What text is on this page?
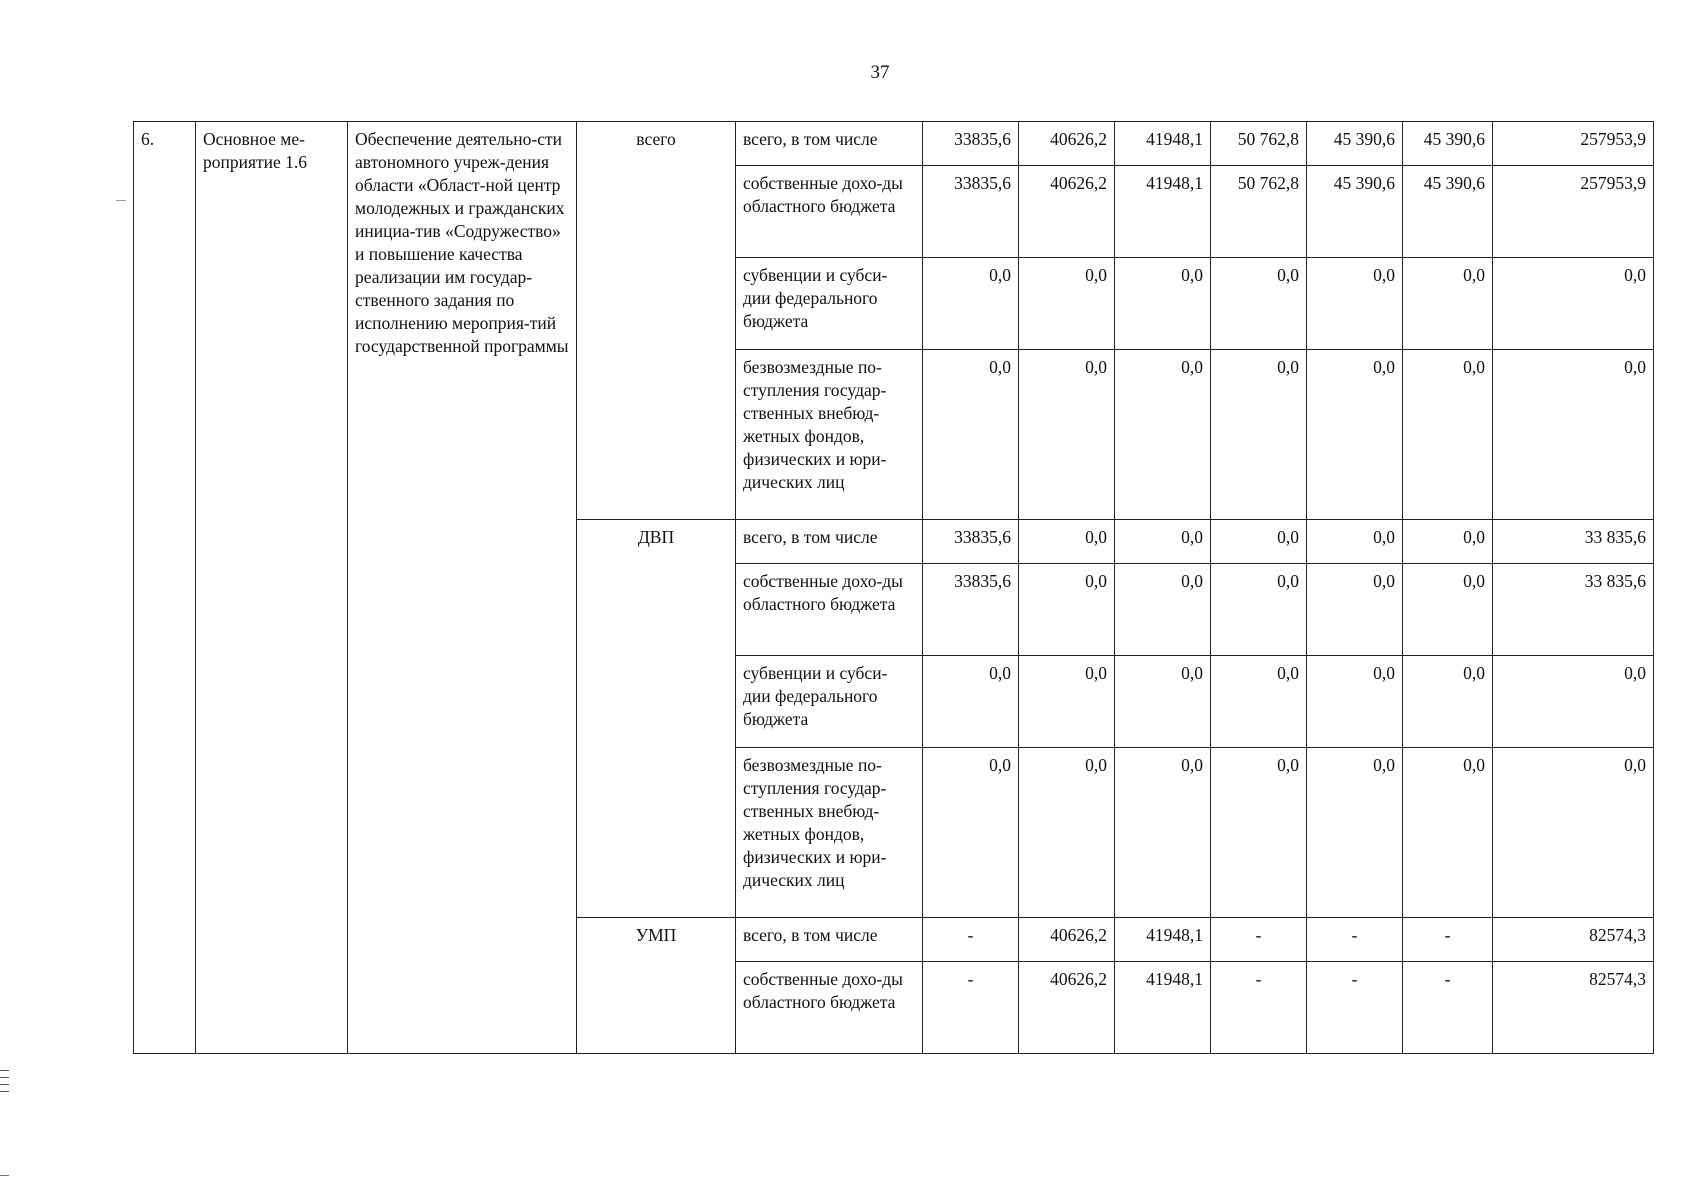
37
6.	Основное ме-роприятие 1.6	Обеспечение деятельно-сти автономного учреж-дения области «Област-ной центр молодежных и гражданских инициа-тив «Содружество» и повышение качества реализации им государ-ственного задания по исполнению мероприя-тий государственной программы	всего	всего, в том числе	33835,6	40626,2	41948,1	50 762,8	45 390,6	45 390,6	257953,9
				собственные дохо-ды областного бюджета	33835,6	40626,2	41948,1	50 762,8	45 390,6	45 390,6	257953,9
				субвенции и субси-дии федерального бюджета	0,0	0,0	0,0	0,0	0,0	0,0	0,0
				безвозмездные по-ступления государ-ственных внебюд-жетных фондов, физических и юри-дических лиц	0,0	0,0	0,0	0,0	0,0	0,0	0,0
			ДВП	всего, в том числе	33835,6	0,0	0,0	0,0	0,0	0,0	33 835,6
				собственные дохо-ды областного бюджета	33835,6	0,0	0,0	0,0	0,0	0,0	33 835,6
				субвенции и субси-дии федерального бюджета	0,0	0,0	0,0	0,0	0,0	0,0	0,0
				безвозмездные по-ступления государ-ственных внебюд-жетных фондов, физических и юри-дических лиц	0,0	0,0	0,0	0,0	0,0	0,0	0,0
			УМП	всего, в том числе	-	40626,2	41948,1	-	-	-	82574,3
				собственные дохо-ды областного бюджета	-	40626,2	41948,1	-	-	-	82574,3
